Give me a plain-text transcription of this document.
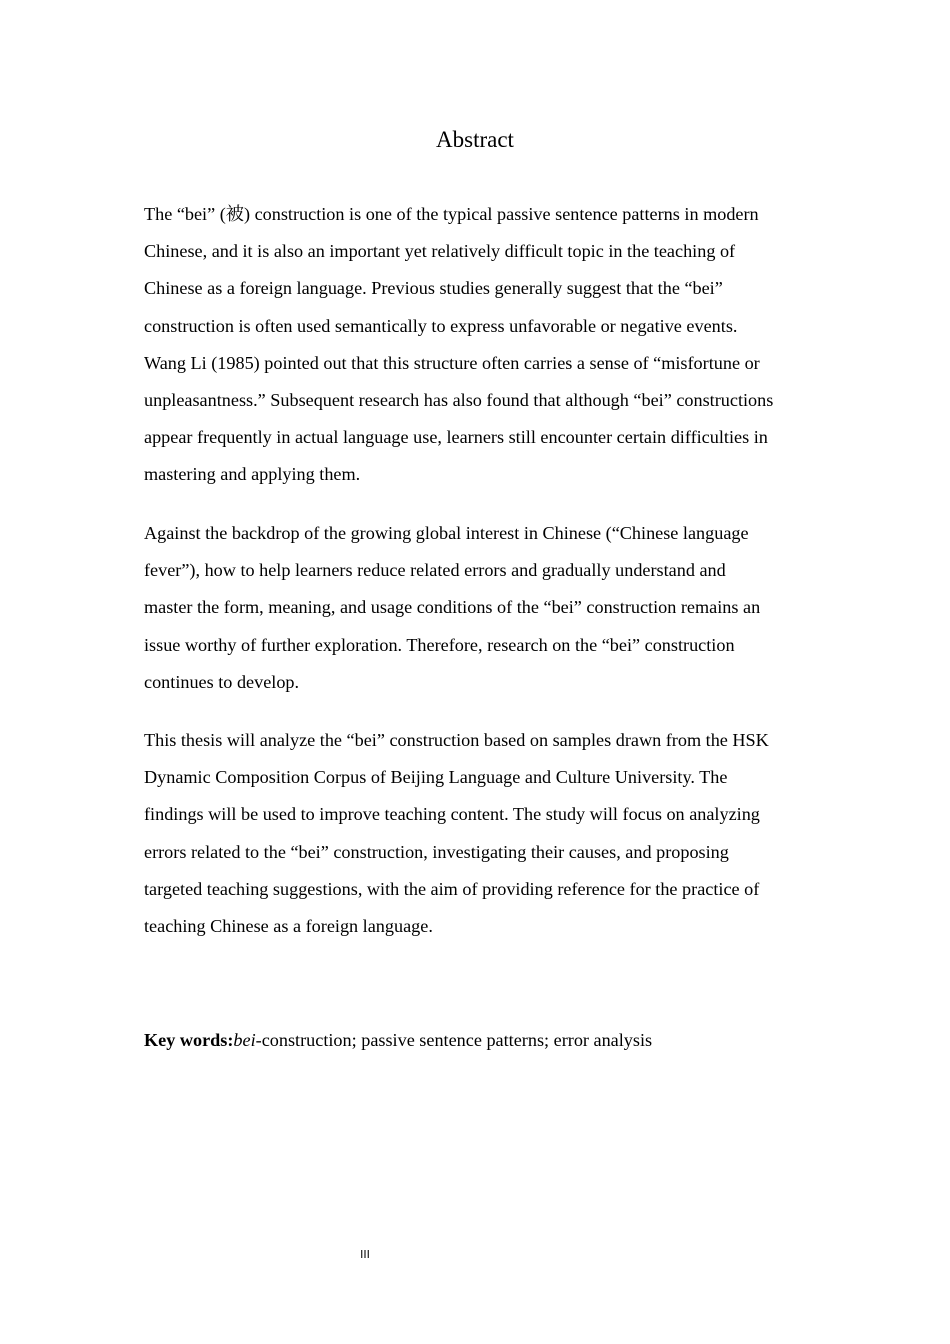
Abstract
The “bei” (被) construction is one of the typical passive sentence patterns in modern
Chinese, and it is also an important yet relatively difficult topic in the teaching of
Chinese as a foreign language. Previous studies generally suggest that the “bei”
construction is often used semantically to express unfavorable or negative events.
Wang Li (1985) pointed out that this structure often carries a sense of “misfortune or
unpleasantness.” Subsequent research has also found that although “bei” constructions
appear frequently in actual language use, learners still encounter certain difficulties in
mastering and applying them.
Against the backdrop of the growing global interest in Chinese (“Chinese language
fever”), how to help learners reduce related errors and gradually understand and
master the form, meaning, and usage conditions of the “bei” construction remains an
issue worthy of further exploration. Therefore, research on the “bei” construction
continues to develop.
This thesis will analyze the “bei” construction based on samples drawn from the HSK
Dynamic Composition Corpus of Beijing Language and Culture University. The
findings will be used to improve teaching content. The study will focus on analyzing
errors related to the “bei” construction, investigating their causes, and proposing
targeted teaching suggestions, with the aim of providing reference for the practice of
teaching Chinese as a foreign language.
Key words:bei-construction; passive sentence patterns; error analysis
III
